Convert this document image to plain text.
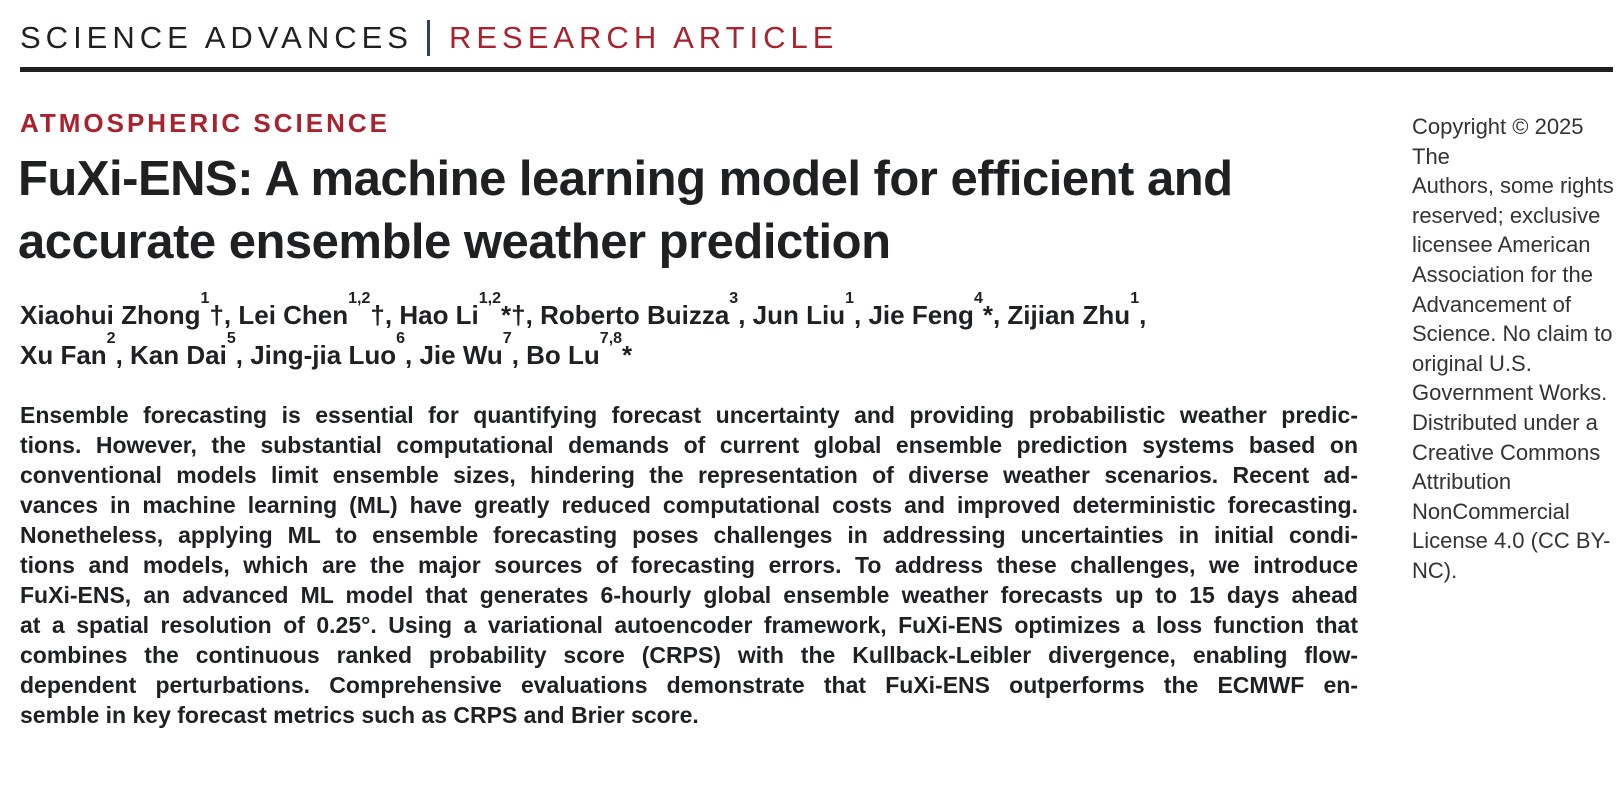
SCIENCE ADVANCES RESEARCH ARTICLE
ATMOSPHERIC SCIENCE
FuXi-ENS: A machine learning model for efficient and
accurate ensemble weather prediction
Xiaohui Zhong$^1$†, Lei Chen$^{1,2}$†, Hao Li$^{1,2}$*†, Roberto Buizza$^3$, Jun Liu$^1$, Jie Feng$^4$*, Zijian Zhu$^1$,
Xu Fan$^2$, Kan Dai$^5$, Jing-jia Luo$^6$, Jie Wu$^7$, Bo Lu$^{7,8}$*
Ensemble forecasting is essential for quantifying forecast uncertainty and providing probabilistic weather predic-
tions. However, the substantial computational demands of current global ensemble prediction systems based on
conventional models limit ensemble sizes, hindering the representation of diverse weather scenarios. Recent ad-
vances in machine learning (ML) have greatly reduced computational costs and improved deterministic forecasting.
Nonetheless, applying ML to ensemble forecasting poses challenges in addressing uncertainties in initial condi-
tions and models, which are the major sources of forecasting errors. To address these challenges, we introduce
FuXi-ENS, an advanced ML model that generates 6-hourly global ensemble weather forecasts up to 15 days ahead
at a spatial resolution of 0.25°. Using a variational autoencoder framework, FuXi-ENS optimizes a loss function that
combines the continuous ranked probability score (CRPS) with the Kullback-Leibler divergence, enabling flow-
dependent perturbations. Comprehensive evaluations demonstrate that FuXi-ENS outperforms the ECMWF en-
semble in key forecast metrics such as CRPS and Brier score.
Copyright © 2025 The
Authors, some rights
reserved; exclusive
licensee American
Association for the
Advancement of
Science. No claim to
original U.S.
Government Works.
Distributed under a
Creative Commons
Attribution
NonCommercial
License 4.0 (CC BY-NC).
